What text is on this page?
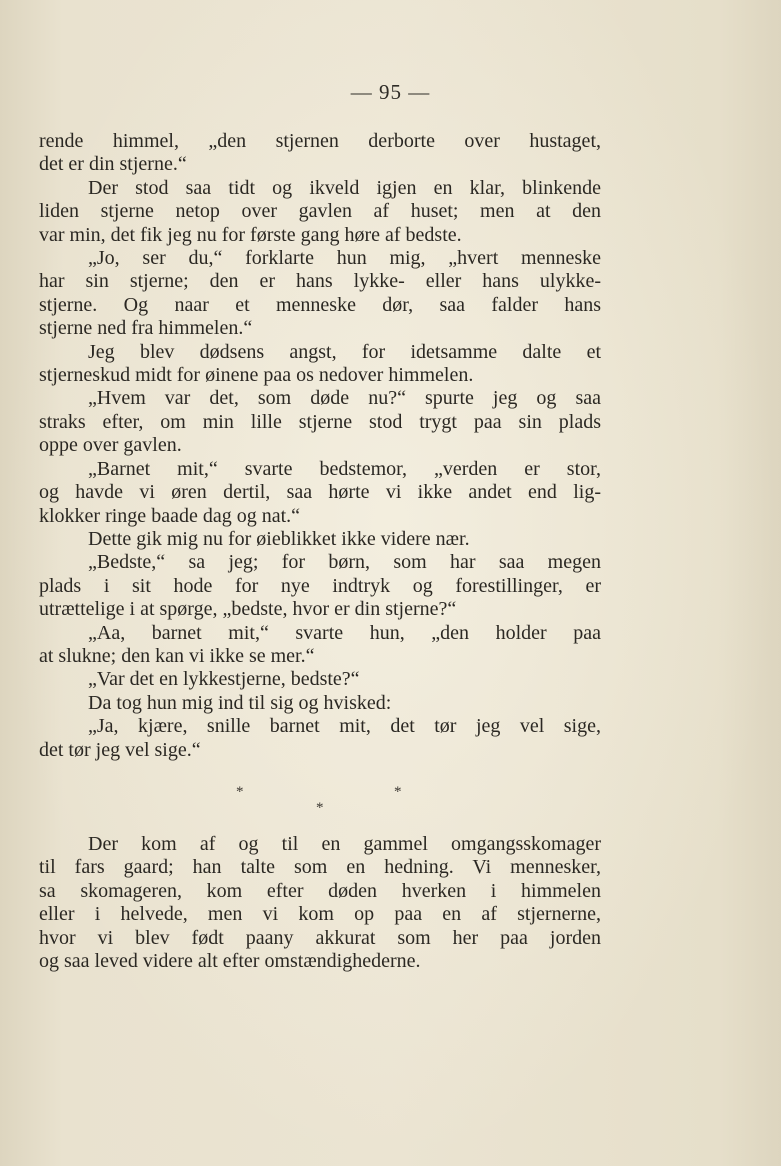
— 95 —
rende himmel, „den stjernen derborte over hustaget,
det er din stjerne.“
Der stod saa tidt og ikveld igjen en klar, blinkende
liden stjerne netop over gavlen af huset; men at den
var min, det fik jeg nu for første gang høre af bedste.
„Jo, ser du,“ forklarte hun mig, „hvert menneske
har sin stjerne; den er hans lykke- eller hans ulykke-
stjerne. Og naar et menneske dør, saa falder hans
stjerne ned fra himmelen.“
Jeg blev dødsens angst, for idetsamme dalte et
stjerneskud midt for øinene paa os nedover himmelen.
„Hvem var det, som døde nu?“ spurte jeg og saa
straks efter, om min lille stjerne stod trygt paa sin plads
oppe over gavlen.
„Barnet mit,“ svarte bedstemor, „verden er stor,
og havde vi øren dertil, saa hørte vi ikke andet end lig-
klokker ringe baade dag og nat.“
Dette gik mig nu for øieblikket ikke videre nær.
„Bedste,“ sa jeg; for børn, som har saa megen
plads i sit hode for nye indtryk og forestillinger, er
utrættelige i at spørge, „bedste, hvor er din stjerne?“
„Aa, barnet mit,“ svarte hun, „den holder paa
at slukne; den kan vi ikke se mer.“
„Var det en lykkestjerne, bedste?“
Da tog hun mig ind til sig og hvisked:
„Ja, kjære, snille barnet mit, det tør jeg vel sige,
det tør jeg vel sige.“
*	*
*
Der kom af og til en gammel omgangsskomager
til fars gaard; han talte som en hedning. Vi mennesker,
sa skomageren, kom efter døden hverken i himmelen
eller i helvede, men vi kom op paa en af stjernerne,
hvor vi blev født paany akkurat som her paa jorden
og saa leved videre alt efter omstændighederne.
